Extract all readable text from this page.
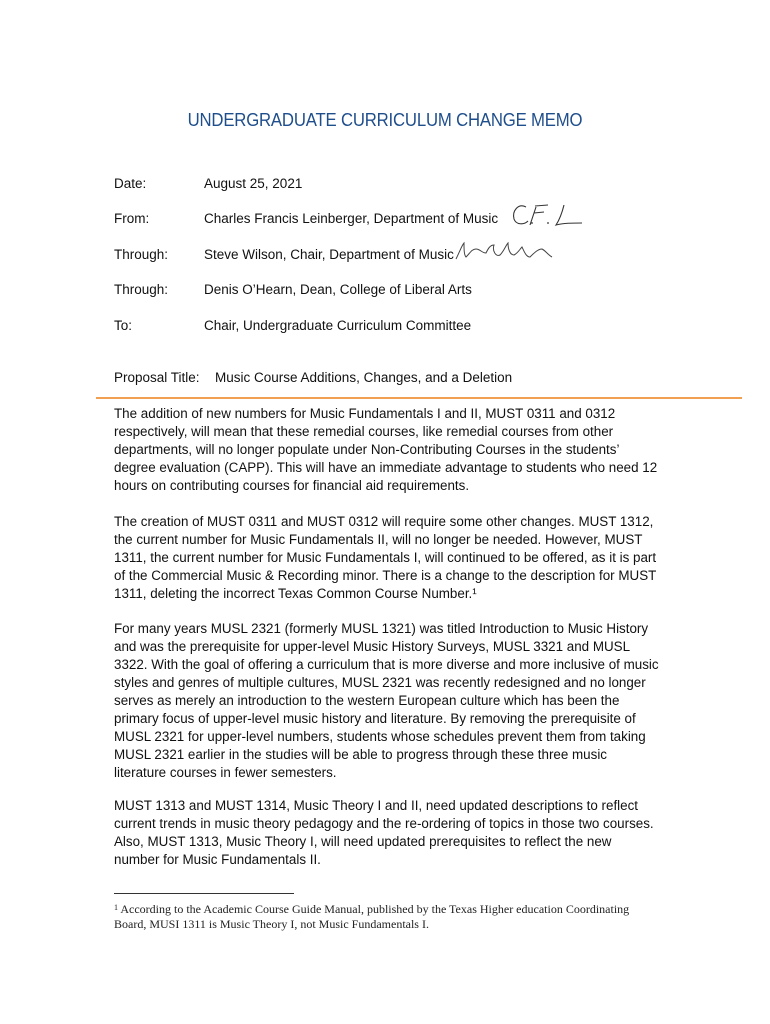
UNDERGRADUATE CURRICULUM CHANGE MEMO
Date:	August 25, 2021
From:	Charles Francis Leinberger, Department of Music
Through:	Steve Wilson, Chair, Department of Music
Through:	Denis O’Hearn, Dean, College of Liberal Arts
To:	Chair, Undergraduate Curriculum Committee
Proposal Title: Music Course Additions, Changes, and a Deletion

The addition of new numbers for Music Fundamentals I and II, MUST 0311 and 0312 respectively, will mean that these remedial courses, like remedial courses from other departments, will no longer populate under Non-Contributing Courses in the students’ degree evaluation (CAPP). This will have an immediate advantage to students who need 12 hours on contributing courses for financial aid requirements.

The creation of MUST 0311 and MUST 0312 will require some other changes. MUST 1312, the current number for Music Fundamentals II, will no longer be needed. However, MUST 1311, the current number for Music Fundamentals I, will continued to be offered, as it is part of the Commercial Music & Recording minor. There is a change to the description for MUST 1311, deleting the incorrect Texas Common Course Number.¹

For many years MUSL 2321 (formerly MUSL 1321) was titled Introduction to Music History and was the prerequisite for upper-level Music History Surveys, MUSL 3321 and MUSL 3322. With the goal of offering a curriculum that is more diverse and more inclusive of music styles and genres of multiple cultures, MUSL 2321 was recently redesigned and no longer serves as merely an introduction to the western European culture which has been the primary focus of upper-level music history and literature. By removing the prerequisite of MUSL 2321 for upper-level numbers, students whose schedules prevent them from taking MUSL 2321 earlier in the studies will be able to progress through these three music literature courses in fewer semesters.

MUST 1313 and MUST 1314, Music Theory I and II, need updated descriptions to reflect current trends in music theory pedagogy and the re-ordering of topics in those two courses. Also, MUST 1313, Music Theory I, will need updated prerequisites to reflect the new number for Music Fundamentals II.

$^1$ According to the Academic Course Guide Manual, published by the Texas Higher education Coordinating Board, MUSI 1311 is Music Theory I, not Music Fundamentals I.
